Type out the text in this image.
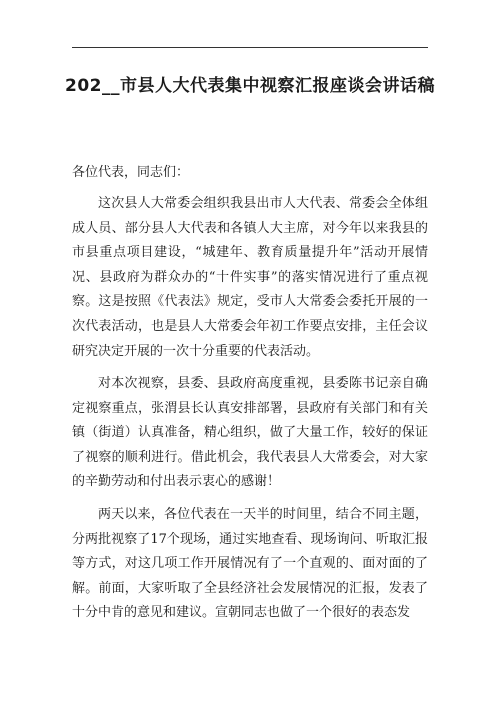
202__市县人大代表集中视察汇报座谈会讲话稿

各位代表，同志们：

这次县人大常委会组织我县出市人大代表、常委会全体组成人员、部分县人大代表和各镇人大主席，对今年以来我县的市县重点项目建设，“城建年、教育质量提升年”活动开展情况、县政府为群众办的“十件实事”的落实情况进行了重点视察。这是按照《代表法》规定，受市人大常委会委托开展的一次代表活动，也是县人大常委会年初工作要点安排，主任会议研究决定开展的一次十分重要的代表活动。

对本次视察，县委、县政府高度重视，县委陈书记亲自确定视察重点，张渭县长认真安排部署，县政府有关部门和有关镇（街道）认真准备，精心组织，做了大量工作，较好的保证了视察的顺利进行。借此机会，我代表县人大常委会，对大家的辛勤劳动和付出表示衷心的感谢！

两天以来，各位代表在一天半的时间里，结合不同主题，分两批视察了17个现场，通过实地查看、现场询问、听取汇报等方式，对这几项工作开展情况有了一个直观的、面对面的了解。前面，大家听取了全县经济社会发展情况的汇报，发表了十分中肯的意见和建议。宣朝同志也做了一个很好的表态发
